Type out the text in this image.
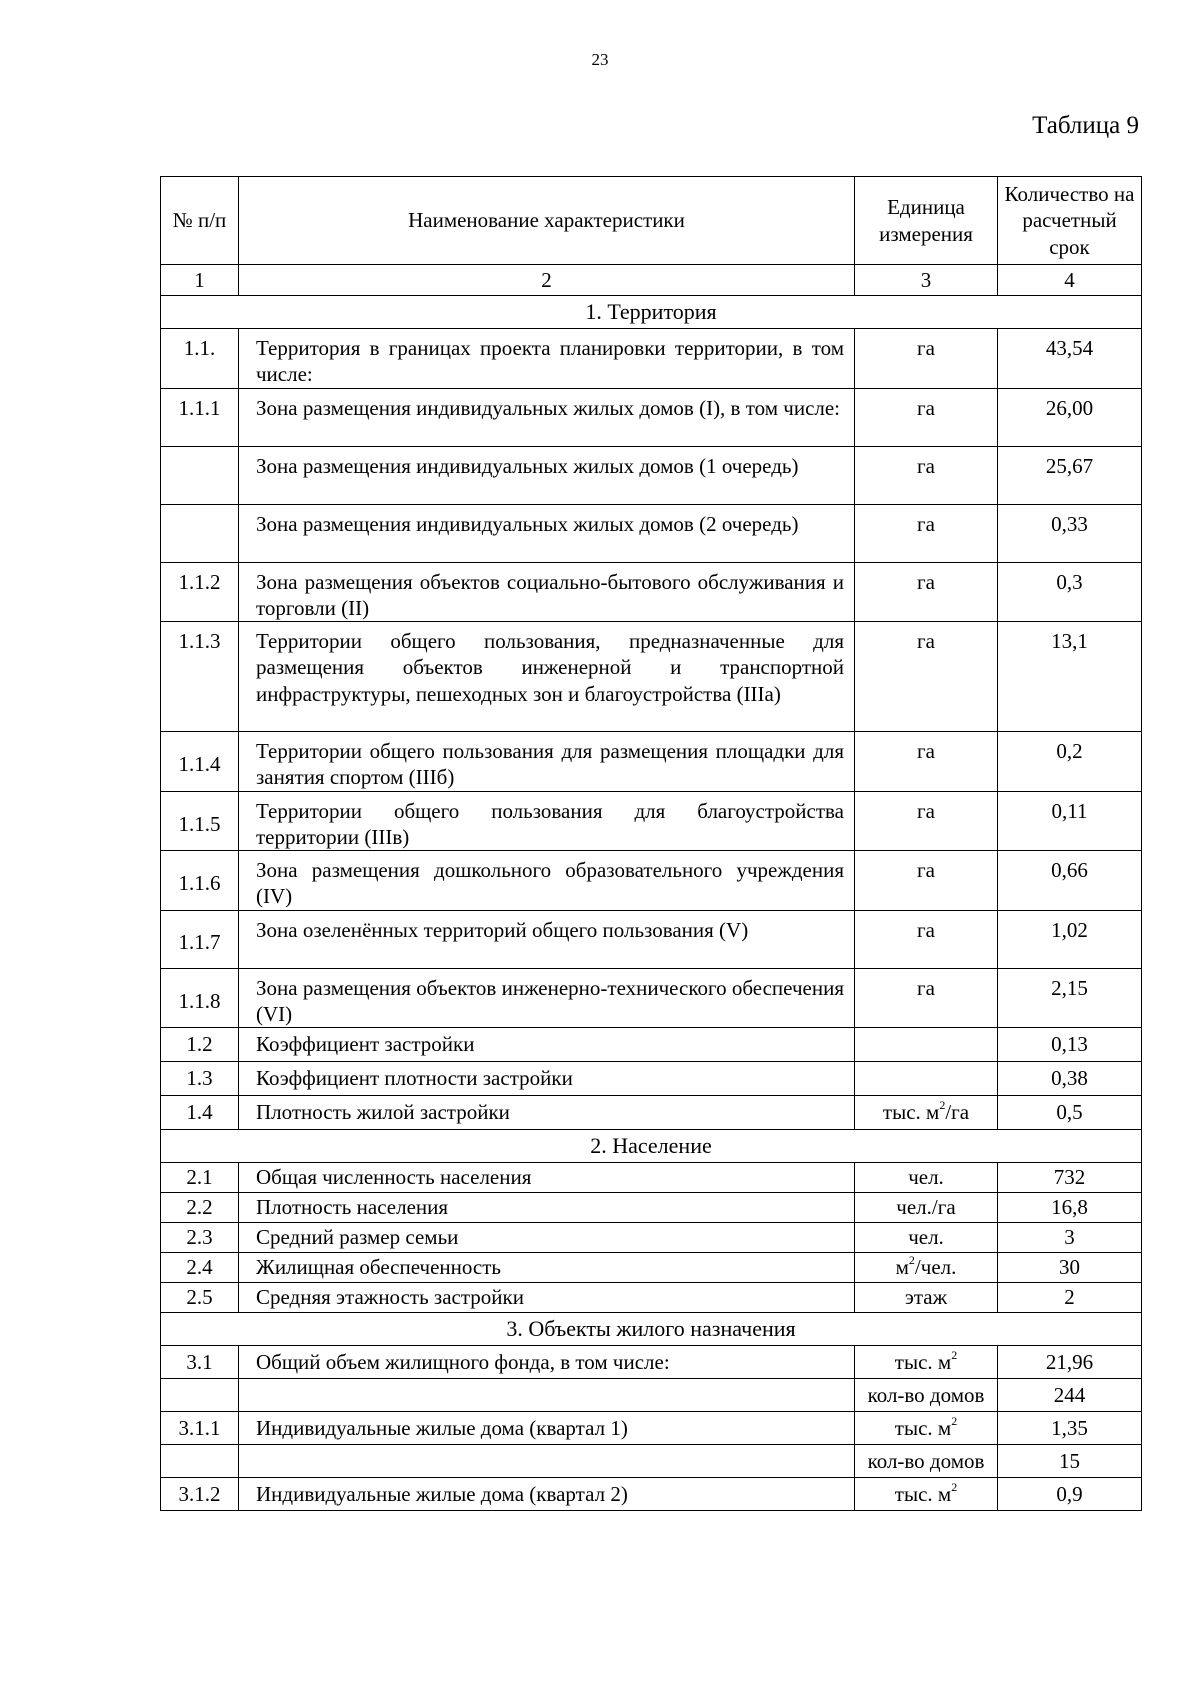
23
Таблица 9
№ п/п	Наименование характеристики	Единица измерения	Количество на расчетный срок
1	2	3	4
1. Территория			
1.1.	Территория в границах проекта планировки территории, в том числе:	га	43,54
1.1.1	Зона размещения индивидуальных жилых домов (I), в том числе:	га	26,00
	Зона размещения индивидуальных жилых домов (1 очередь)	га	25,67
	Зона размещения индивидуальных жилых домов (2 очередь)	га	0,33
1.1.2	Зона размещения объектов социально-бытового обслуживания и торговли (II)	га	0,3
1.1.3	Территории общего пользования, предназначенные для размещения объектов инженерной и транспортной инфраструктуры, пешеходных зон и благоустройства (IIIа)	га	13,1
1.1.4	Территории общего пользования для размещения площадки для занятия спортом (IIIб)	га	0,2
1.1.5	Территории общего пользования для благоустройства территории (IIIв)	га	0,11
1.1.6	Зона размещения дошкольного образовательного учреждения (IV)	га	0,66
1.1.7	Зона озеленённых территорий общего пользования (V)	га	1,02
1.1.8	Зона размещения объектов инженерно-технического обеспечения (VI)	га	2,15
1.2	Коэффициент застройки		0,13
1.3	Коэффициент плотности застройки		0,38
1.4	Плотность жилой застройки	тыс. $м^2/га$	0,5
2. Население			
2.1	Общая численность населения	чел.	732
2.2	Плотность населения	чел./га	16,8
2.3	Средний размер семьи	чел.	3
2.4	Жилищная обеспеченность	$м^2$/чел.	30
2.5	Средняя этажность застройки	этаж	2
3. Объекты жилого назначения			
3.1	Общий объем жилищного фонда, в том числе:	тыс. $м^2$	21,96
		кол-во домов	244
3.1.1	Индивидуальные жилые дома (квартал 1)	тыс. $м^2$	1,35
		кол-во домов	15
3.1.2	Индивидуальные жилые дома (квартал 2)	тыс. $м^2$	0,9
